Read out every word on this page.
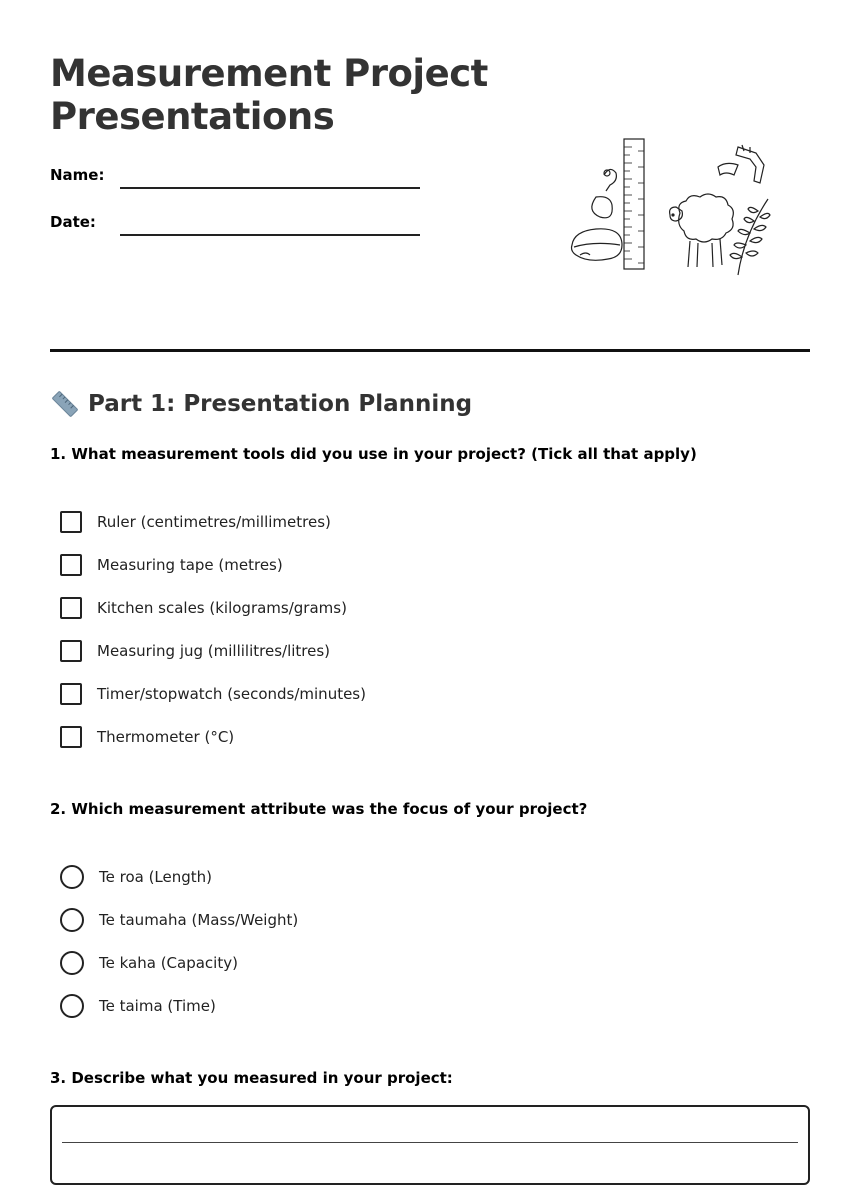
Measurement Project
Presentations
Name:
Date:
Part 1: Presentation Planning

1. What measurement tools did you use in your project? (Tick all that apply)

Ruler (centimetres/millimetres)
Measuring tape (metres)
Kitchen scales (kilograms/grams)
Measuring jug (millilitres/litres)
Timer/stopwatch (seconds/minutes)
Thermometer (°C)

2. Which measurement attribute was the focus of your project?

Te roa (Length)
Te taumaha (Mass/Weight)
Te kaha (Capacity)
Te taima (Time)

3. Describe what you measured in your project:
